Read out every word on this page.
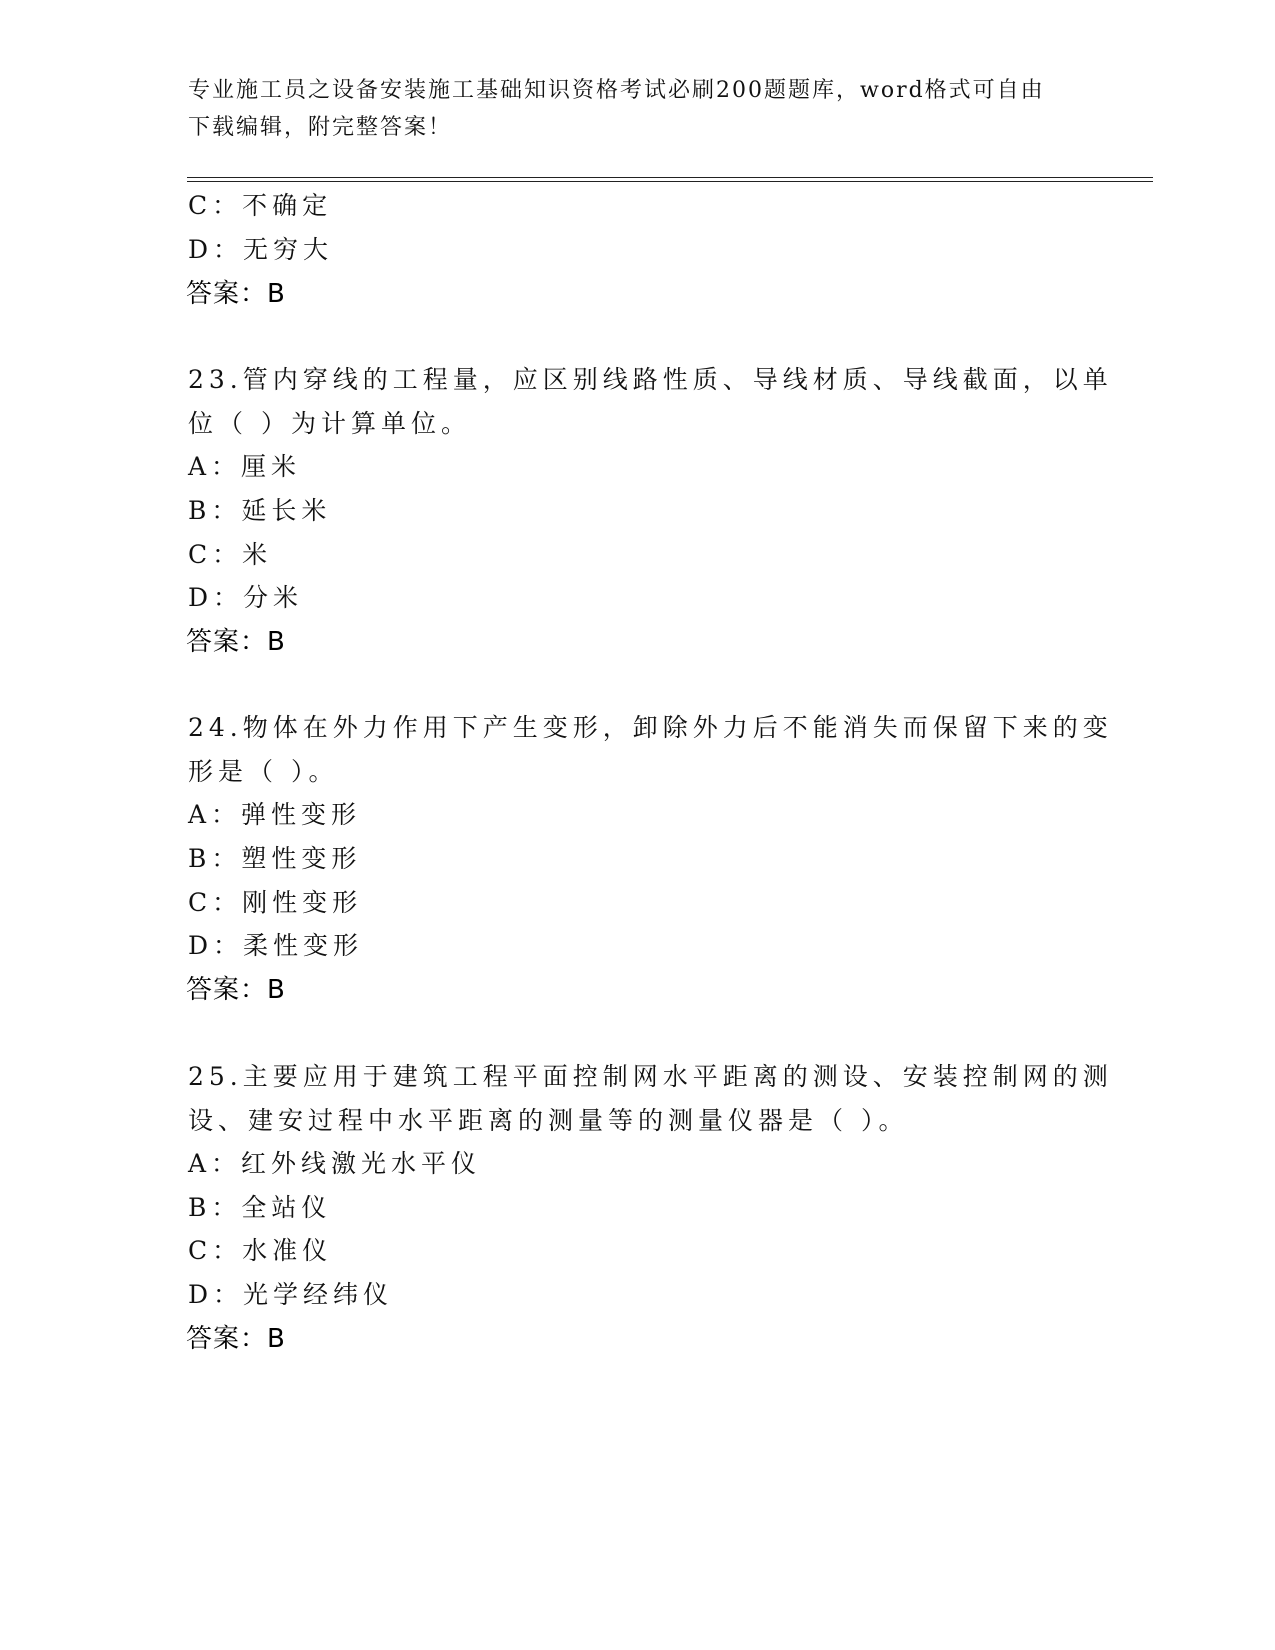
专业施工员之设备安装施工基础知识资格考试必刷200题题库，word格式可自由下载编辑，附完整答案！
C：不确定
D：无穷大
答案：B
23.管内穿线的工程量，应区别线路性质、导线材质、导线截面，以单
位（ ）为计算单位。
A：厘米
B：延长米
C：米
D：分米
答案：B
24.物体在外力作用下产生变形，卸除外力后不能消失而保留下来的变
形是（ ）。
A：弹性变形
B：塑性变形
C：刚性变形
D：柔性变形
答案：B
25.主要应用于建筑工程平面控制网水平距离的测设、安装控制网的测
设、建安过程中水平距离的测量等的测量仪器是（ ）。
A：红外线激光水平仪
B：全站仪
C：水准仪
D：光学经纬仪
答案：B
